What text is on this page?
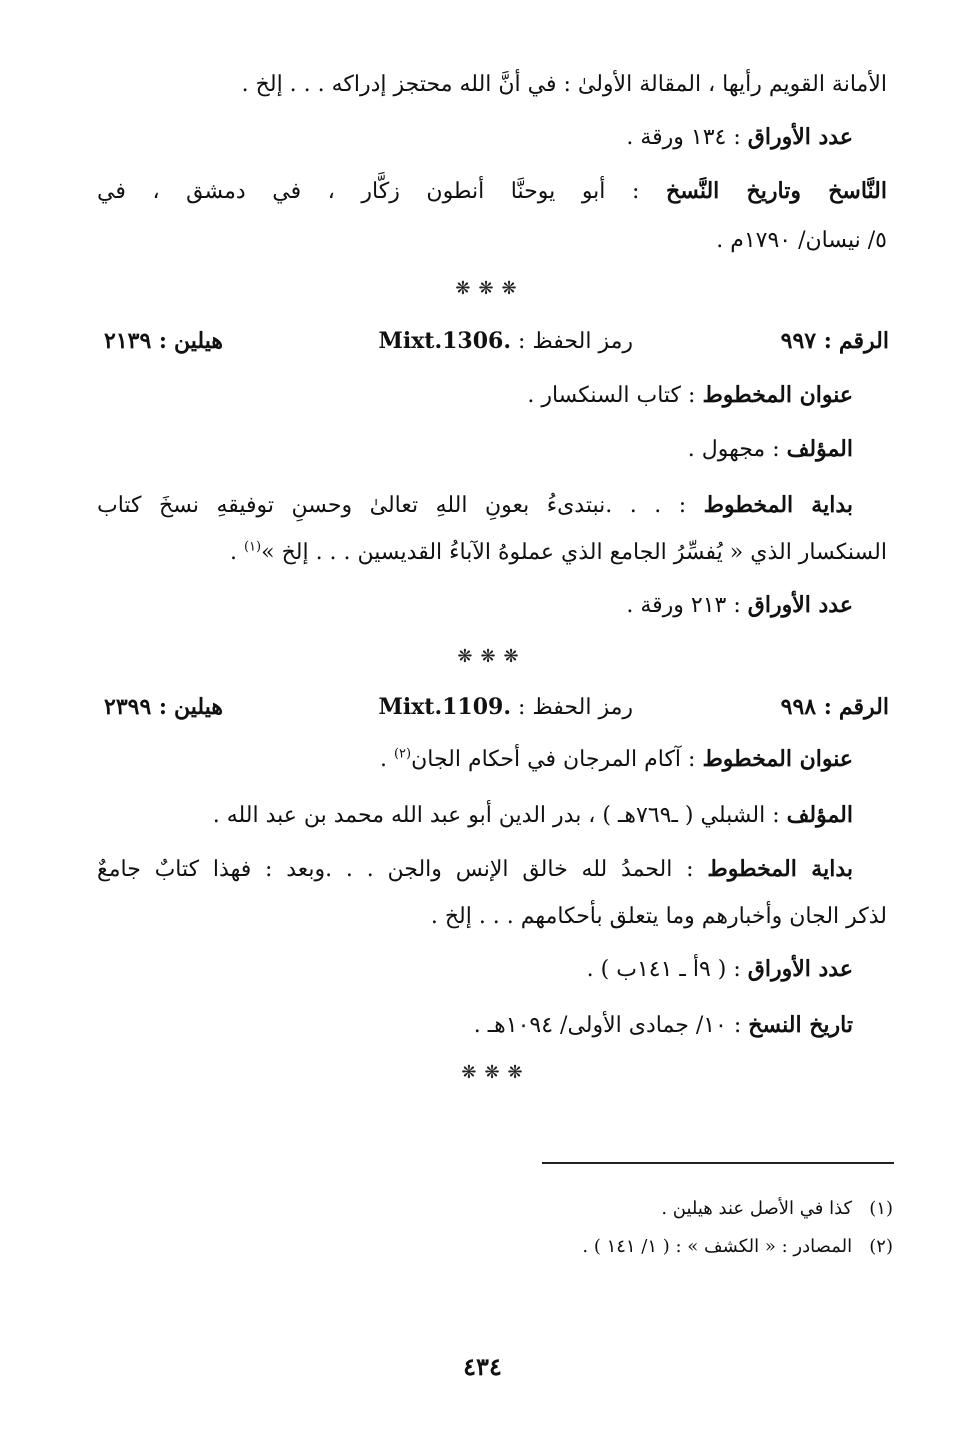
الأمانة القويم رأيها ، المقالة الأولىٰ : في أنَّ الله محتجز إدراكه . . . إلخ .
عدد الأوراق : ١٣٤ ورقة .
النَّاسخ وتاريخ النَّسخ : أبو يوحنَّا أنطون زكَّار ، في دمشق ، في
٥/ نيسان/ ١٧٩٠م .
❋❋❋
الرقم : ٩٩٧
رمز الحفظ : Mixt.1306.
هيلين : ٢١٣٩
عنوان المخطوط : كتاب السنكسار .
المؤلف : مجهول .
بداية المخطوط : . . .نبتدىءُ بعونِ اللهِ تعالىٰ وحسنِ توفيقهِ نسخَ كتاب
السنكسار الذي « يُفسِّرُ الجامع الذي عملوهُ الآباءُ القديسين . . . إلخ »$^{(١)}$ .
عدد الأوراق : ٢١٣ ورقة .
❋❋❋
الرقم : ٩٩٨
رمز الحفظ : Mixt.1109.
هيلين : ٢٣٩٩
عنوان المخطوط : آكام المرجان في أحكام الجان$^{(٢)}$ .
المؤلف : الشبلي ( ـ٧٦٩هـ ) ، بدر الدين أبو عبد الله محمد بن عبد الله .
بداية المخطوط : الحمدُ لله خالق الإنس والجن . . .وبعد : فهذا كتابٌ جامعٌ
لذكر الجان وأخبارهم وما يتعلق بأحكامهم . . . إلخ .
عدد الأوراق : ( ٩أ ـ ١٤١ب ) .
تاريخ النسخ : ١٠/ جمادى الأولى/ ١٠٩٤هـ .
❋❋❋
(١)   كذا في الأصل عند هيلين .
(٢)   المصادر : « الكشف » : ( ١/ ١٤١ ) .
٤٣٤
